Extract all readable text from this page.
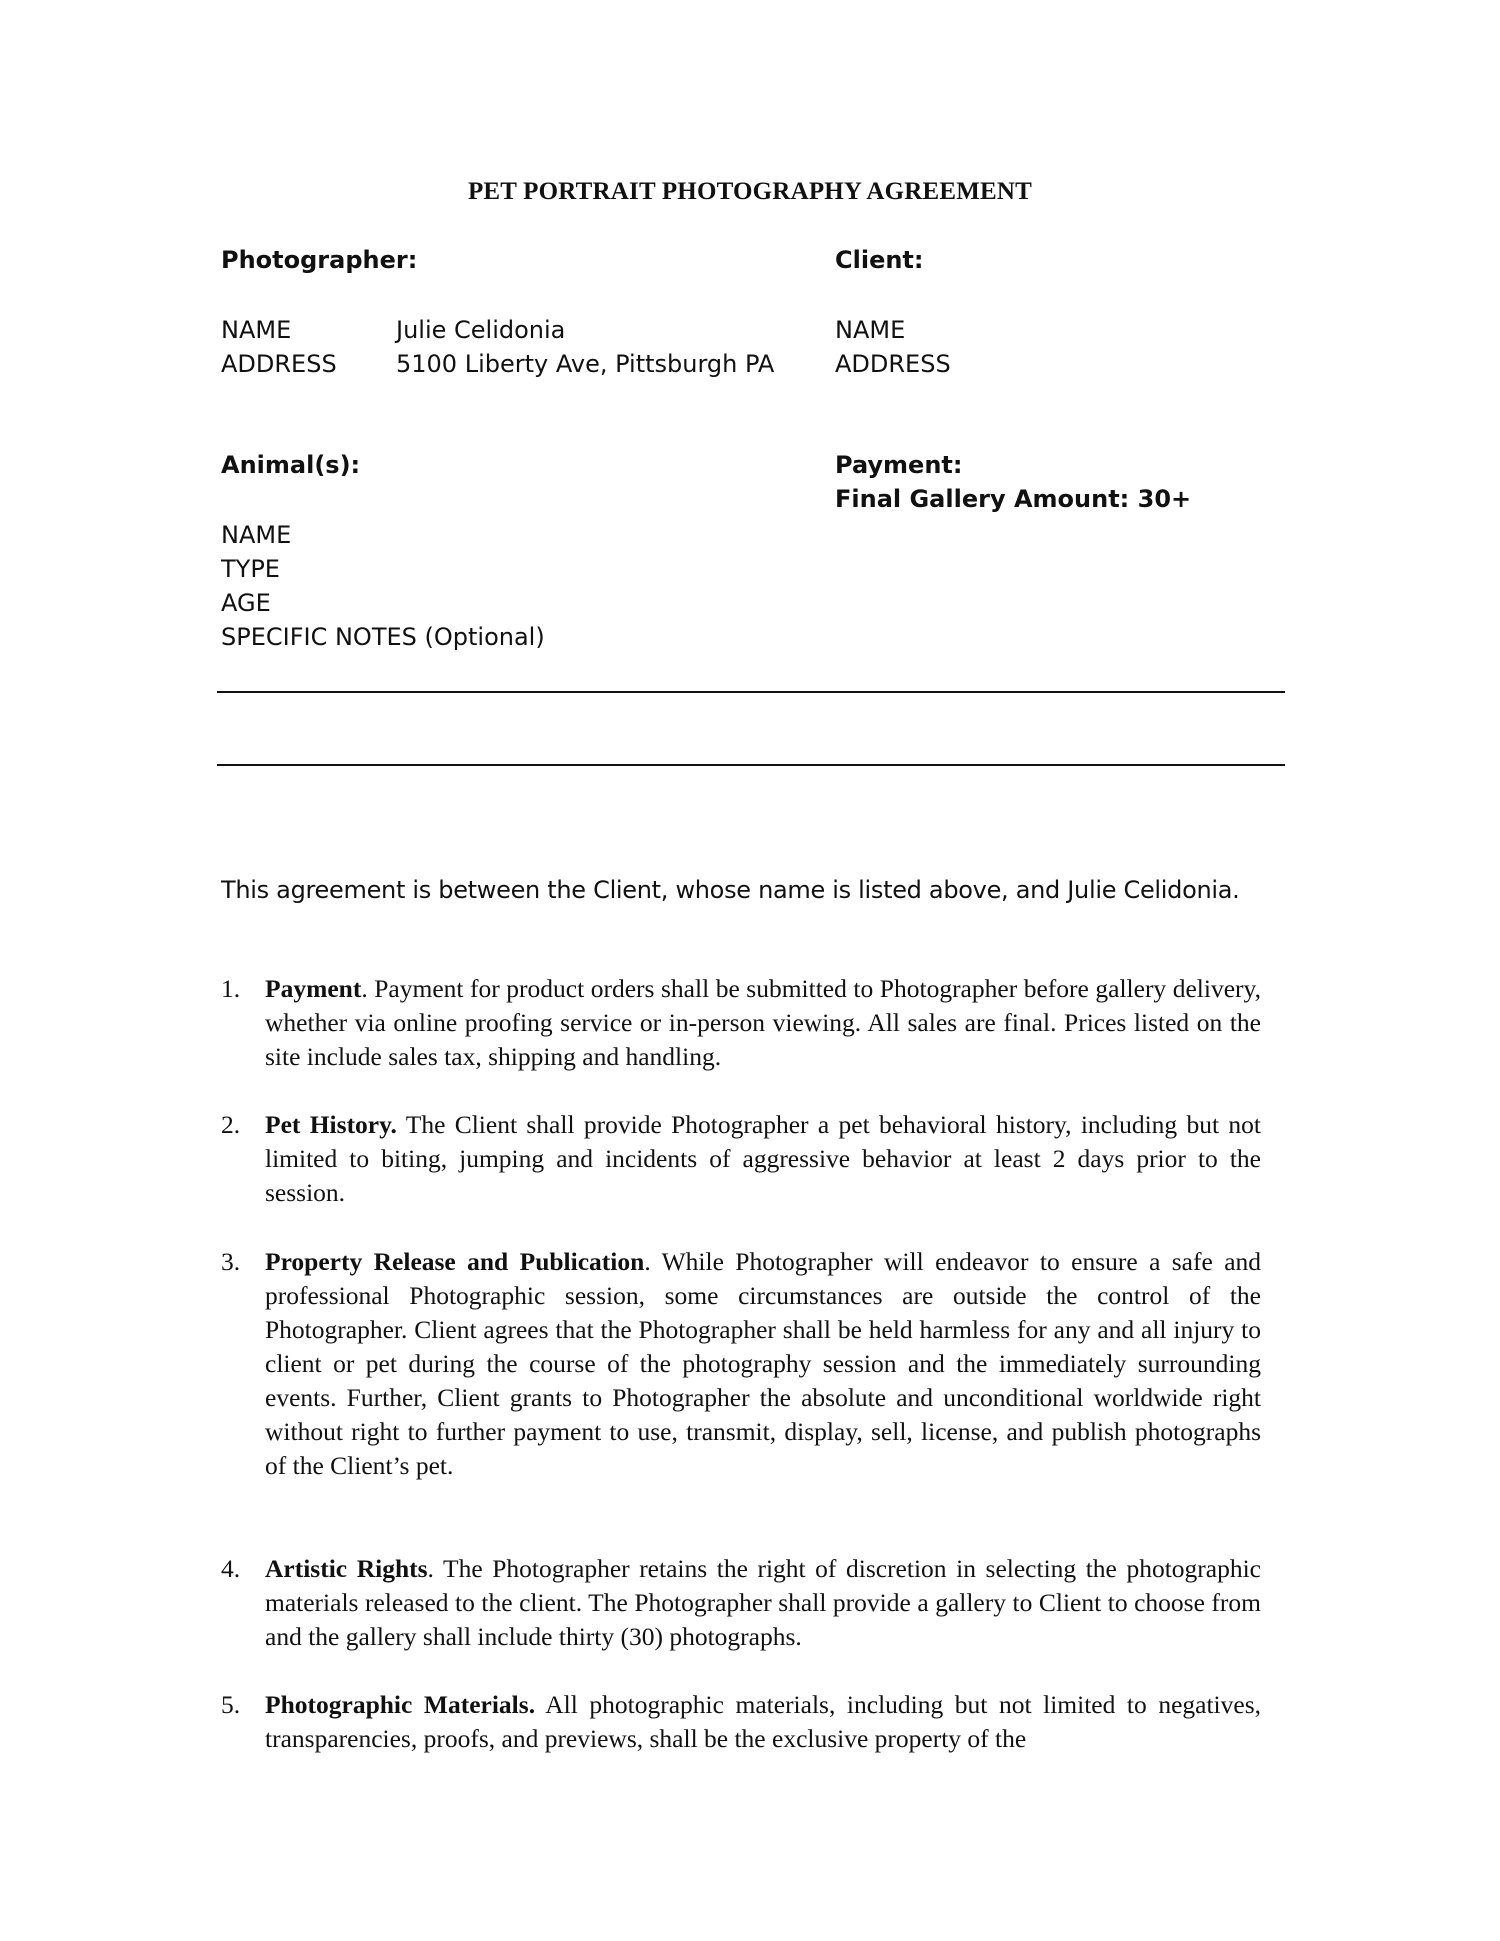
PET PORTRAIT PHOTOGRAPHY AGREEMENT
Photographer:
NAME	Julie Celidonia
ADDRESS 5100 Liberty Ave, Pittsburgh PA
Client:
NAME
ADDRESS
Animal(s):
NAME
TYPE
AGE
SPECIFIC NOTES (Optional)
Payment:
Final Gallery Amount: 30+
This agreement is between the Client, whose name is listed above, and Julie Celidonia.
1. Payment. Payment for product orders shall be submitted to Photographer before gallery delivery, whether via online proofing service or in-person viewing. All sales are final. Prices listed on the site include sales tax, shipping and handling.
2. Pet History. The Client shall provide Photographer a pet behavioral history, including but not limited to biting, jumping and incidents of aggressive behavior at least 2 days prior to the session.
3. Property Release and Publication. While Photographer will endeavor to ensure a safe and professional Photographic session, some circumstances are outside the control of the Photographer. Client agrees that the Photographer shall be held harmless for any and all injury to client or pet during the course of the photography session and the immediately surrounding events. Further, Client grants to Photographer the absolute and unconditional worldwide right without right to further payment to use, transmit, display, sell, license, and publish photographs of the Client’s pet.
4. Artistic Rights. The Photographer retains the right of discretion in selecting the photographic materials released to the client. The Photographer shall provide a gallery to Client to choose from and the gallery shall include thirty (30) photographs.
5. Photographic Materials. All photographic materials, including but not limited to negatives, transparencies, proofs, and previews, shall be the exclusive property of the
